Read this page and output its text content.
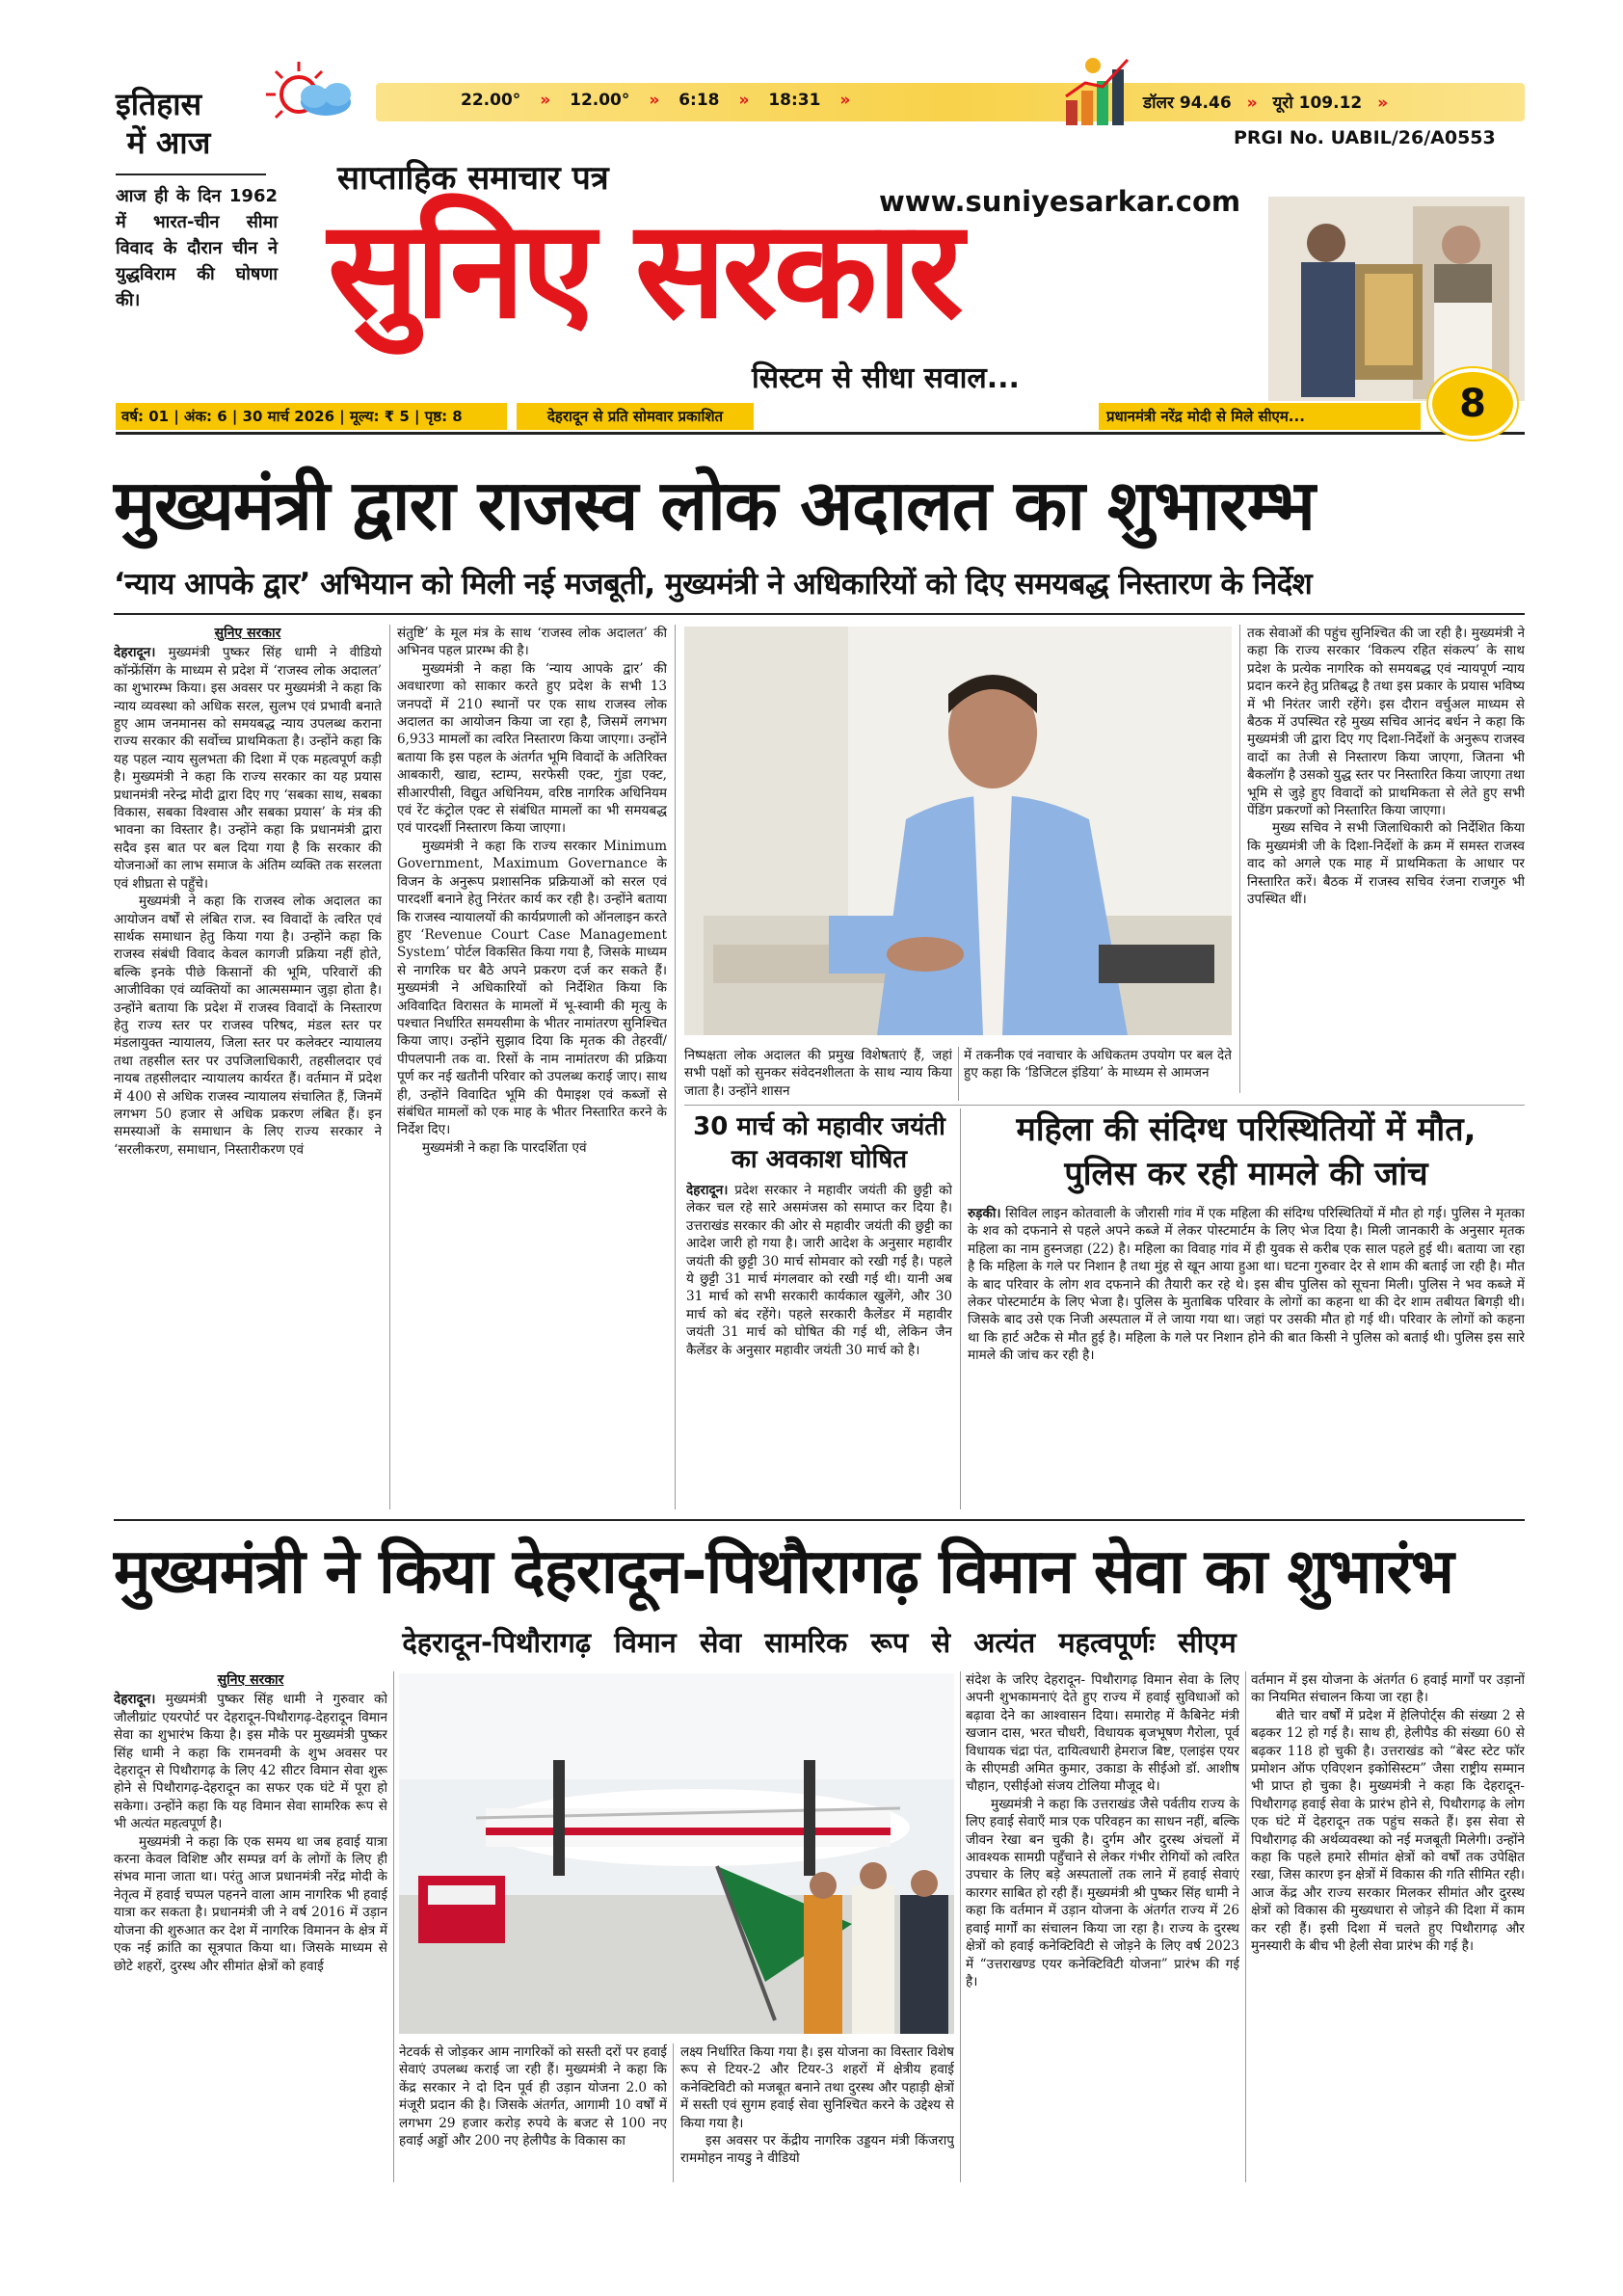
इतिहास
में आज
आज ही के दिन 1962 में भारत-चीन सीमा विवाद के दौरान चीन ने युद्धविराम की घोषणा की।
22.00° » 12.00° » 6:18 » 18:31 »	डॉलर 94.46 » यूरो 109.12 »
PRGI No. UABIL/26/A0553
साप्ताहिक समाचार पत्र
www.suniyesarkar.com
सुनिए सरकार
सिस्टम से सीधा सवाल...
वर्ष: 01 | अंक: 6 | 30 मार्च 2026 | मूल्य: ₹ 5 | पृष्ठ: 8	देहरादून से प्रति सोमवार प्रकाशित	प्रधानमंत्री नरेंद्र मोदी से मिले सीएम...	8
मुख्यमंत्री द्वारा राजस्व लोक अदालत का शुभारम्भ
‘न्याय आपके द्वार’ अभियान को मिली नई मजबूती, मुख्यमंत्री ने अधिकारियों को दिए समयबद्ध निस्तारण के निर्देश
सुनिए सरकार

देहरादून। मुख्यमंत्री पुष्कर सिंह धामी ने वीडियो कॉन्फ्रेंसिंग के माध्यम से प्रदेश में ‘राजस्व लोक अदालत’ का शुभारम्भ किया। इस अवसर पर मुख्यमंत्री ने कहा कि न्याय व्यवस्था को अधिक सरल, सुलभ एवं प्रभावी बनाते हुए आम जनमानस को समयबद्ध न्याय उपलब्ध कराना राज्य सरकार की सर्वोच्च प्राथमिकता है। उन्होंने कहा कि यह पहल न्याय सुलभता की दिशा में एक महत्वपूर्ण कड़ी है। मुख्यमंत्री ने कहा कि राज्य सरकार का यह प्रयास प्रधानमंत्री नरेन्द्र मोदी द्वारा दिए गए ‘सबका साथ, सबका विकास, सबका विश्वास और सबका प्रयास’ के मंत्र की भावना का विस्तार है। उन्होंने कहा कि प्रधानमंत्री द्वारा सदैव इस बात पर बल दिया गया है कि सरकार की योजनाओं का लाभ समाज के अंतिम व्यक्ति तक सरलता एवं शीघ्रता से पहुँचे।

मुख्यमंत्री ने कहा कि राजस्व लोक अदालत का आयोजन वर्षों से लंबित राज. स्व विवादों के त्वरित एवं सार्थक समाधान हेतु किया गया है। उन्होंने कहा कि राजस्व संबंधी विवाद केवल कागजी प्रक्रिया नहीं होते, बल्कि इनके पीछे किसानों की भूमि, परिवारों की आजीविका एवं व्यक्तियों का आत्मसम्मान जुड़ा होता है। उन्होंने बताया कि प्रदेश में राजस्व विवादों के निस्तारण हेतु राज्य स्तर पर राजस्व परिषद, मंडल स्तर पर मंडलायुक्त न्यायालय, जिला स्तर पर कलेक्टर न्यायालय तथा तहसील स्तर पर उपजिलाधिकारी, तहसीलदार एवं नायब तहसीलदार न्यायालय कार्यरत हैं। वर्तमान में प्रदेश में 400 से अधिक राजस्व न्यायालय संचालित हैं, जिनमें लगभग 50 हजार से अधिक प्रकरण लंबित हैं। इन समस्याओं के समाधान के लिए राज्य सरकार ने ‘सरलीकरण, समाधान, निस्तारीकरण एवं

संतुष्टि’ के मूल मंत्र के साथ ‘राजस्व लोक अदालत’ की अभिनव पहल प्रारम्भ की है।

मुख्यमंत्री ने कहा कि ‘न्याय आपके द्वार’ की अवधारणा को साकार करते हुए प्रदेश के सभी 13 जनपदों में 210 स्थानों पर एक साथ राजस्व लोक अदालत का आयोजन किया जा रहा है, जिसमें लगभग 6,933 मामलों का त्वरित निस्तारण किया जाएगा। उन्होंने बताया कि इस पहल के अंतर्गत भूमि विवादों के अतिरिक्त आबकारी, खाद्य, स्टाम्प, सरफेसी एक्ट, गुंडा एक्ट, सीआरपीसी, विद्युत अधिनियम, वरिष्ठ नागरिक अधिनियम एवं रेंट कंट्रोल एक्ट से संबंधित मामलों का भी समयबद्ध एवं पारदर्शी निस्तारण किया जाएगा।

मुख्यमंत्री ने कहा कि राज्य सरकार Minimum Government, Maximum Governance के विजन के अनुरूप प्रशासनिक प्रक्रियाओं को सरल एवं पारदर्शी बनाने हेतु निरंतर कार्य कर रही है। उन्होंने बताया कि राजस्व न्यायालयों की कार्यप्रणाली को ऑनलाइन करते हुए ‘Revenue Court Case Management System’ पोर्टल विकसित किया गया है, जिसके माध्यम से नागरिक घर बैठे अपने प्रकरण दर्ज कर सकते हैं। मुख्यमंत्री ने अधिकारियों को निर्देशित किया कि अविवादित विरासत के मामलों में भू-स्वामी की मृत्यु के पश्चात निर्धारित समयसीमा के भीतर नामांतरण सुनिश्चित किया जाए। उन्होंने सुझाव दिया कि मृतक की तेहरवीं/पीपलपानी तक वा. रिसों के नाम नामांतरण की प्रक्रिया पूर्ण कर नई खतौनी परिवार को उपलब्ध कराई जाए। साथ ही, उन्होंने विवादित भूमि की पैमाइश एवं कब्जों से संबंधित मामलों को एक माह के भीतर निस्तारित करने के निर्देश दिए।

मुख्यमंत्री ने कहा कि पारदर्शिता एवं

निष्पक्षता लोक अदालत की प्रमुख विशेषताएं हैं, जहां सभी पक्षों को सुनकर संवेदनशीलता के साथ न्याय किया जाता है। उन्होंने शासन

में तकनीक एवं नवाचार के अधिकतम उपयोग पर बल देते हुए कहा कि ‘डिजिटल इंडिया’ के माध्यम से आमजन

तक सेवाओं की पहुंच सुनिश्चित की जा रही है। मुख्यमंत्री ने कहा कि राज्य सरकार ‘विकल्प रहित संकल्प’ के साथ प्रदेश के प्रत्येक नागरिक को समयबद्ध एवं न्यायपूर्ण न्याय प्रदान करने हेतु प्रतिबद्ध है तथा इस प्रकार के प्रयास भविष्य में भी निरंतर जारी रहेंगे। इस दौरान वर्चुअल माध्यम से बैठक में उपस्थित रहे मुख्य सचिव आनंद बर्धन ने कहा कि मुख्यमंत्री जी द्वारा दिए गए दिशा-निर्देशों के अनुरूप राजस्व वादों का तेजी से निस्तारण किया जाएगा, जितना भी बैकलॉग है उसको युद्ध स्तर पर निस्तारित किया जाएगा तथा भूमि से जुड़े हुए विवादों को प्राथमिकता से लेते हुए सभी पेंडिंग प्रकरणों को निस्तारित किया जाएगा।

मुख्य सचिव ने सभी जिलाधिकारी को निर्देशित किया कि मुख्यमंत्री जी के दिशा-निर्देशों के क्रम में समस्त राजस्व वाद को अगले एक माह में प्राथमिकता के आधार पर निस्तारित करें। बैठक में राजस्व सचिव रंजना राजगुरु भी उपस्थित थीं।

30 मार्च को महावीर जयंती का अवकाश घोषित

देहरादून। प्रदेश सरकार ने महावीर जयंती की छुट्टी को लेकर चल रहे सारे असमंजस को समाप्त कर दिया है। उत्तराखंड सरकार की ओर से महावीर जयंती की छुट्टी का आदेश जारी हो गया है। जारी आदेश के अनुसार महावीर जयंती की छुट्टी 30 मार्च सोमवार को रखी गई है। पहले ये छुट्टी 31 मार्च मंगलवार को रखी गई थी। यानी अब 31 मार्च को सभी सरकारी कार्यकाल खुलेंगे, और 30 मार्च को बंद रहेंगे। पहले सरकारी कैलेंडर में महावीर जयंती 31 मार्च को घोषित की गई थी, लेकिन जैन कैलेंडर के अनुसार महावीर जयंती 30 मार्च को है।

महिला की संदिग्ध परिस्थितियों में मौत,
पुलिस कर रही मामले की जांच

रुड़की। सिविल लाइन कोतवाली के जौरासी गांव में एक महिला की संदिग्ध परिस्थितियों में मौत हो गई। पुलिस ने मृतका के शव को दफनाने से पहले अपने कब्जे में लेकर पोस्टमार्टम के लिए भेज दिया है। मिली जानकारी के अनुसार मृतक महिला का नाम हुस्नजहा (22) है। महिला का विवाह गांव में ही युवक से करीब एक साल पहले हुई थी। बताया जा रहा है कि महिला के गले पर निशान है तथा मुंह से खून आया हुआ था। घटना गुरुवार देर से शाम की बताई जा रही है। मौत के बाद परिवार के लोग शव दफनाने की तैयारी कर रहे थे। इस बीच पुलिस को सूचना मिली। पुलिस ने भव कब्जे में लेकर पोस्टमार्टम के लिए भेजा है। पुलिस के मुताबिक परिवार के लोगों का कहना था की देर शाम तबीयत बिगड़ी थी। जिसके बाद उसे एक निजी अस्पताल में ले जाया गया था। जहां पर उसकी मौत हो गई थी। परिवार के लोगों को कहना था कि हार्ट अटैक से मौत हुई है। महिला के गले पर निशान होने की बात किसी ने पुलिस को बताई थी। पुलिस इस सारे मामले की जांच कर रही है।

मुख्यमंत्री ने किया देहरादून-पिथौरागढ़ विमान सेवा का शुभारंभ
देहरादून-पिथौरागढ़ विमान सेवा सामरिक रूप से अत्यंत महत्वपूर्णः सीएम
सुनिए सरकार

देहरादून। मुख्यमंत्री पुष्कर सिंह धामी ने गुरुवार को जौलीग्रांट एयरपोर्ट पर देहरादून-पिथौरागढ़-देहरादून विमान सेवा का शुभारंभ किया है। इस मौके पर मुख्यमंत्री पुष्कर सिंह धामी ने कहा कि रामनवमी के शुभ अवसर पर देहरादून से पिथौरागढ़ के लिए 42 सीटर विमान सेवा शुरू होने से पिथौरागढ़-देहरादून का सफर एक घंटे में पूरा हो सकेगा। उन्होंने कहा कि यह विमान सेवा सामरिक रूप से भी अत्यंत महत्वपूर्ण है।

मुख्यमंत्री ने कहा कि एक समय था जब हवाई यात्रा करना केवल विशिष्ट और सम्पन्न वर्ग के लोगों के लिए ही संभव माना जाता था। परंतु आज प्रधानमंत्री नरेंद्र मोदी के नेतृत्व में हवाई चप्पल पहनने वाला आम नागरिक भी हवाई यात्रा कर सकता है। प्रधानमंत्री जी ने वर्ष 2016 में उड़ान योजना की शुरुआत कर देश में नागरिक विमानन के क्षेत्र में एक नई क्रांति का सूत्रपात किया था। जिसके माध्यम से छोटे शहरों, दुरस्थ और सीमांत क्षेत्रों को हवाई

नेटवर्क से जोड़कर आम नागरिकों को सस्ती दरों पर हवाई सेवाएं उपलब्ध कराई जा रही हैं। मुख्यमंत्री ने कहा कि केंद्र सरकार ने दो दिन पूर्व ही उड़ान योजना 2.0 को मंजूरी प्रदान की है। जिसके अंतर्गत, आगामी 10 वर्षों में लगभग 29 हजार करोड़ रुपये के बजट से 100 नए हवाई अड्डों और 200 नए हेलीपैड के विकास का

लक्ष्य निर्धारित किया गया है। इस योजना का विस्तार विशेष रूप से टियर-2 और टियर-3 शहरों में क्षेत्रीय हवाई कनेक्टिविटी को मजबूत बनाने तथा दुरस्थ और पहाड़ी क्षेत्रों में सस्ती एवं सुगम हवाई सेवा सुनिश्चित करने के उद्देश्य से किया गया है।

इस अवसर पर केंद्रीय नागरिक उड्डयन मंत्री किंजरापु राममोहन नायडु ने वीडियो

संदेश के जरिए देहरादून- पिथौरागढ़ विमान सेवा के लिए अपनी शुभकामनाएं देते हुए राज्य में हवाई सुविधाओं को बढ़ावा देने का आश्वासन दिया। समारोह में कैबिनेट मंत्री खजान दास, भरत चौधरी, विधायक बृजभूषण गैरोला, पूर्व विधायक चंद्रा पंत, दायित्वधारी हेमराज बिष्ट, एलाइंस एयर के सीएमडी अमित कुमार, उकाडा के सीईओ डॉ. आशीष चौहान, एसीईओ संजय टोलिया मौजूद थे।

मुख्यमंत्री ने कहा कि उत्तराखंड जैसे पर्वतीय राज्य के लिए हवाई सेवाएँ मात्र एक परिवहन का साधन नहीं, बल्कि जीवन रेखा बन चुकी है। दुर्गम और दुरस्थ अंचलों में आवश्यक सामग्री पहुँचाने से लेकर गंभीर रोगियों को त्वरित उपचार के लिए बड़े अस्पतालों तक लाने में हवाई सेवाएं कारगर साबित हो रही हैं। मुख्यमंत्री श्री पुष्कर सिंह धामी ने कहा कि वर्तमान में उड़ान योजना के अंतर्गत राज्य में 26 हवाई मार्गों का संचालन किया जा रहा है। राज्य के दुरस्थ क्षेत्रों को हवाई कनेक्टिविटी से जोड़ने के लिए वर्ष 2023 में “उत्तराखण्ड एयर कनेक्टिविटी योजना” प्रारंभ की गई है।

वर्तमान में इस योजना के अंतर्गत 6 हवाई मार्गों पर उड़ानों का नियमित संचालन किया जा रहा है।

बीते चार वर्षों में प्रदेश में हेलिपोर्ट्स की संख्या 2 से बढ़कर 12 हो गई है। साथ ही, हेलीपैड की संख्या 60 से बढ़कर 118 हो चुकी है। उत्तराखंड को “बेस्ट स्टेट फॉर प्रमोशन ऑफ एविएशन इकोसिस्टम” जैसा राष्ट्रीय सम्मान भी प्राप्त हो चुका है। मुख्यमंत्री ने कहा कि देहरादून-पिथौरागढ़ हवाई सेवा के प्रारंभ होने से, पिथौरागढ़ के लोग एक घंटे में देहरादून तक पहुंच सकते हैं। इस सेवा से पिथौरागढ़ की अर्थव्यवस्था को नई मजबूती मिलेगी। उन्होंने कहा कि पहले हमारे सीमांत क्षेत्रों को वर्षों तक उपेक्षित रखा, जिस कारण इन क्षेत्रों में विकास की गति सीमित रही। आज केंद्र और राज्य सरकार मिलकर सीमांत और दुरस्थ क्षेत्रों को विकास की मुख्यधारा से जोड़ने की दिशा में काम कर रही हैं। इसी दिशा में चलते हुए पिथौरागढ़ और मुनस्यारी के बीच भी हेली सेवा प्रारंभ की गई है।
